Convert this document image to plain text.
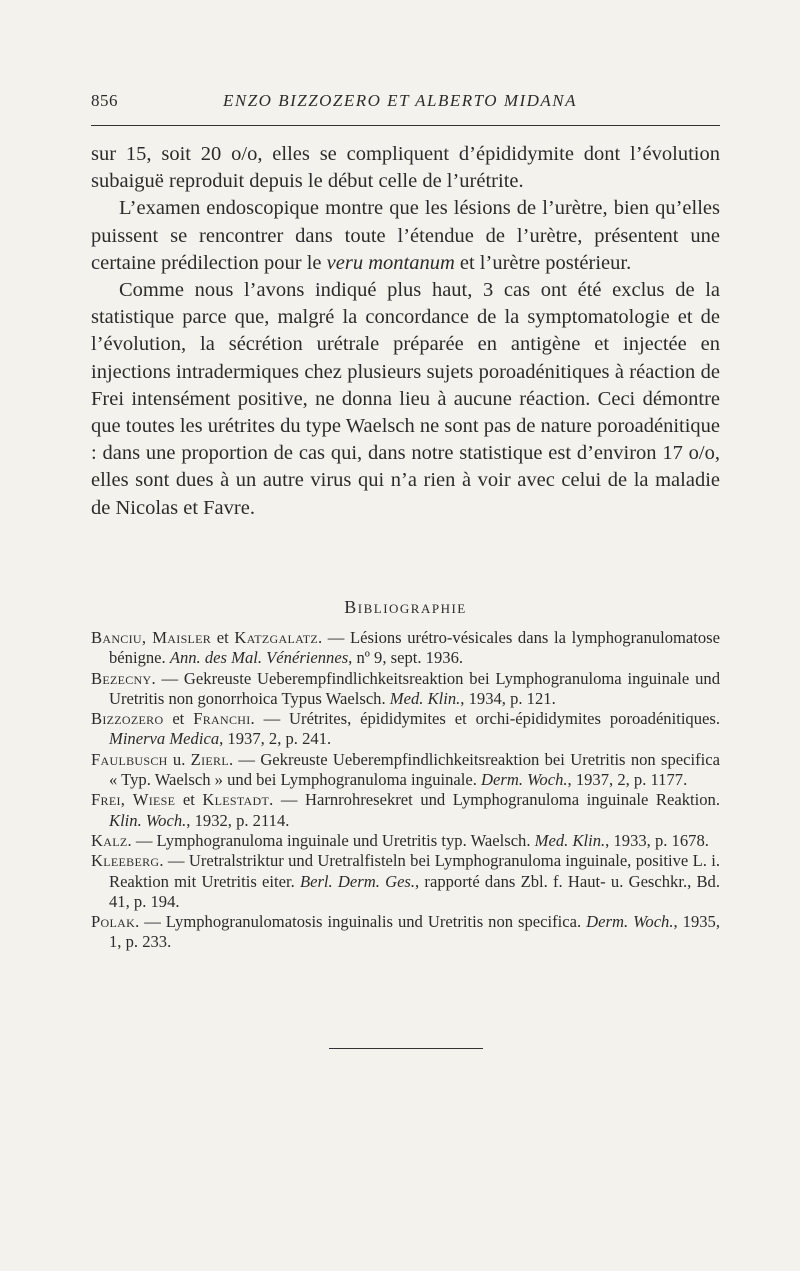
856	ENZO BIZZOZERO ET ALBERTO MIDANA

sur 15, soit 20 o/o, elles se compliquent d’épididymite dont l’évolution subaiguë reproduit depuis le début celle de l’urétrite.

L’examen endoscopique montre que les lésions de l’urètre, bien qu’elles puissent se rencontrer dans toute l’étendue de l’urètre, présentent une certaine prédilection pour le veru montanum et l’urètre postérieur.

Comme nous l’avons indiqué plus haut, 3 cas ont été exclus de la statistique parce que, malgré la concordance de la symptomatologie et de l’évolution, la sécrétion urétrale préparée en antigène et injectée en injections intradermiques chez plusieurs sujets poroadénitiques à réaction de Frei intensément positive, ne donna lieu à aucune réaction. Ceci démontre que toutes les urétrites du type Waelsch ne sont pas de nature poroadénitique : dans une proportion de cas qui, dans notre statistique est d’environ 17 o/o, elles sont dues à un autre virus qui n’a rien à voir avec celui de la maladie de Nicolas et Favre.

Bibliographie

Banciu, Maisler et Katzgalatz. — Lésions urétro-vésicales dans la lymphogranulomatose bénigne. Ann. des Mal. Vénériennes, nº 9, sept. 1936.

Bezecny. — Gekreuste Ueberempfindlichkeitsreaktion bei Lymphogranuloma inguinale und Uretritis non gonorrhoica Typus Waelsch. Med. Klin., 1934, p. 121.

Bizzozero et Franchi. — Urétrites, épididymites et orchi-épididymites poroadénitiques. Minerva Medica, 1937, 2, p. 241.

Faulbusch u. Zierl. — Gekreuste Ueberempfindlichkeitsreaktion bei Uretritis non specifica « Typ. Waelsch » und bei Lymphogranuloma inguinale. Derm. Woch., 1937, 2, p. 1177.

Frei, Wiese et Klestadt. — Harnrohresekret und Lymphogranuloma inguinale Reaktion. Klin. Woch., 1932, p. 2114.

Kalz. — Lymphogranuloma inguinale und Uretritis typ. Waelsch. Med. Klin., 1933, p. 1678.

Kleeberg. — Uretralstriktur und Uretralfisteln bei Lymphogranuloma inguinale, positive L. i. Reaktion mit Uretritis eiter. Berl. Derm. Ges., rapporté dans Zbl. f. Haut- u. Geschkr., Bd. 41, p. 194.

Polak. — Lymphogranulomatosis inguinalis und Uretritis non specifica. Derm. Woch., 1935, 1, p. 233.
